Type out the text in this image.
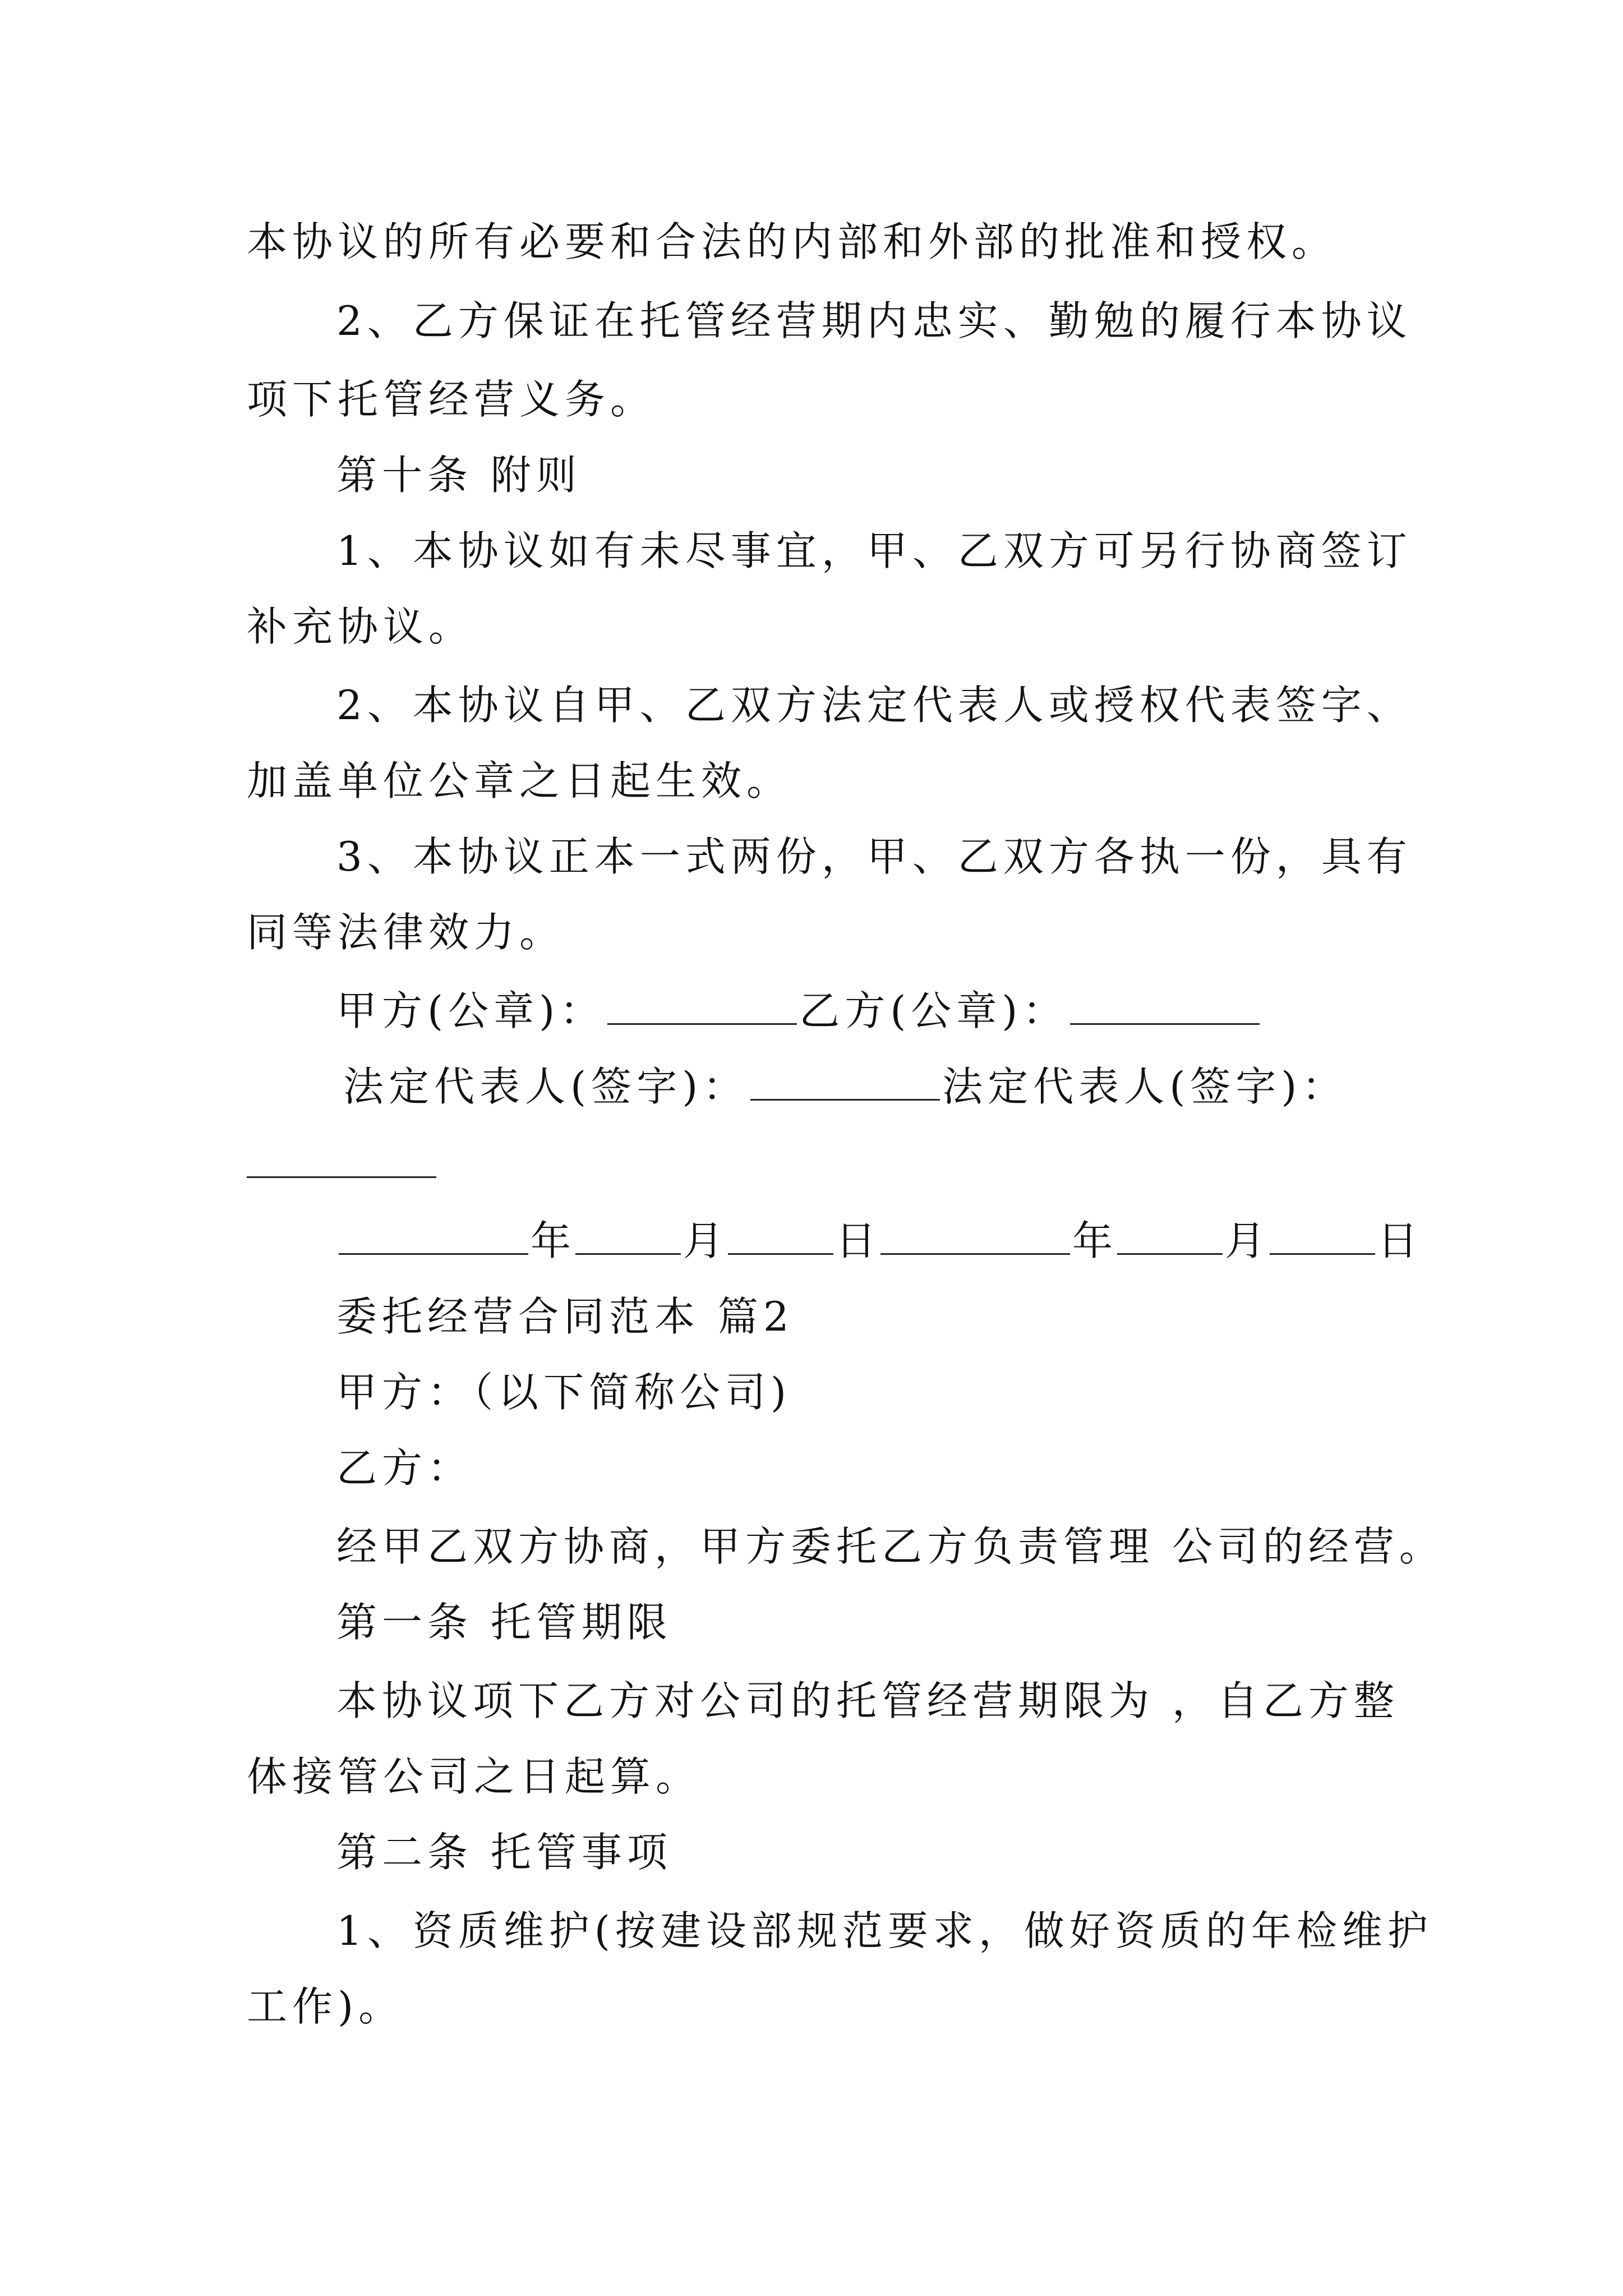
本协议的所有必要和合法的内部和外部的批准和授权。
2、乙方保证在托管经营期内忠实、勤勉的履行本协议
项下托管经营义务。
第十条 附则
1、本协议如有未尽事宜，甲、乙双方可另行协商签订
补充协议。
2、本协议自甲、乙双方法定代表人或授权代表签字、
加盖单位公章之日起生效。
3、本协议正本一式两份，甲、乙双方各执一份，具有
同等法律效力。
甲方(公章)：	乙方(公章)：
法定代表人(签字)：	法定代表人(签字)：
年	月	日	年	月	日
委托经营合同范本 篇2
甲方：（以下简称公司)
乙方：
经甲乙双方协商，甲方委托乙方负责管理 公司的经营。
第一条 托管期限
本协议项下乙方对公司的托管经营期限为 ，自乙方整
体接管公司之日起算。
第二条 托管事项
1、资质维护(按建设部规范要求，做好资质的年检维护
工作)。
